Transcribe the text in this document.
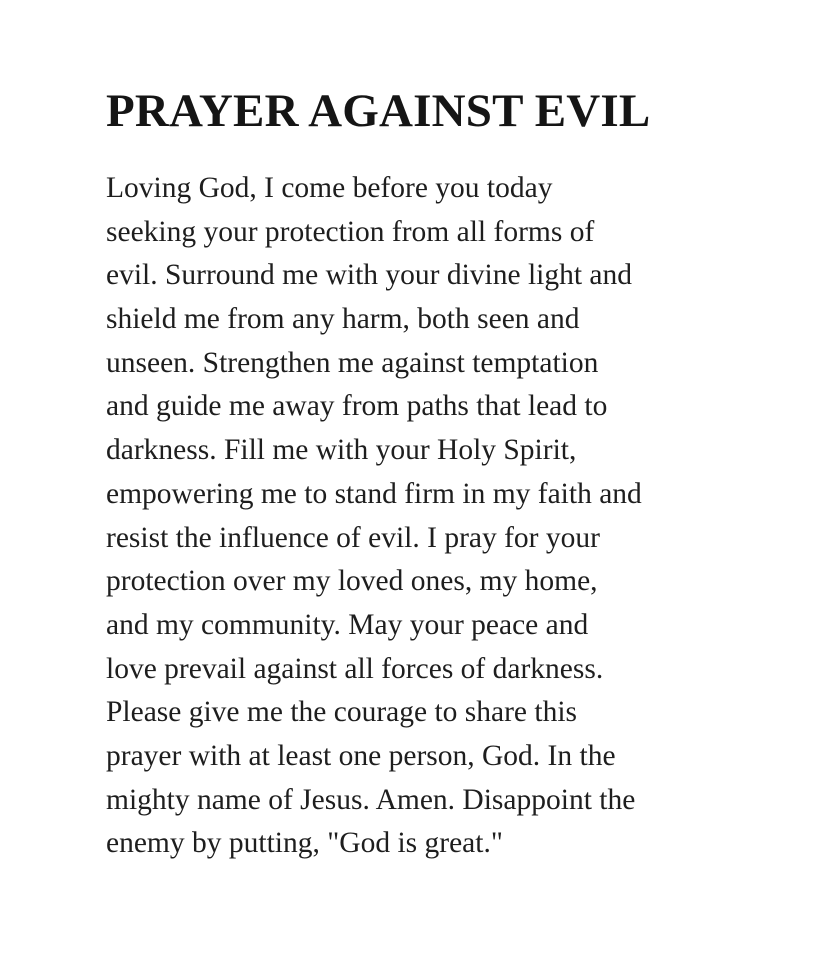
PRAYER AGAINST EVIL
Loving God, I come before you today
seeking your protection from all forms of
evil. Surround me with your divine light and
shield me from any harm, both seen and
unseen. Strengthen me against temptation
and guide me away from paths that lead to
darkness. Fill me with your Holy Spirit,
empowering me to stand firm in my faith and
resist the influence of evil. I pray for your
protection over my loved ones, my home,
and my community. May your peace and
love prevail against all forces of darkness.
Please give me the courage to share this
prayer with at least one person, God. In the
mighty name of Jesus. Amen. Disappoint the
enemy by putting, "God is great."
